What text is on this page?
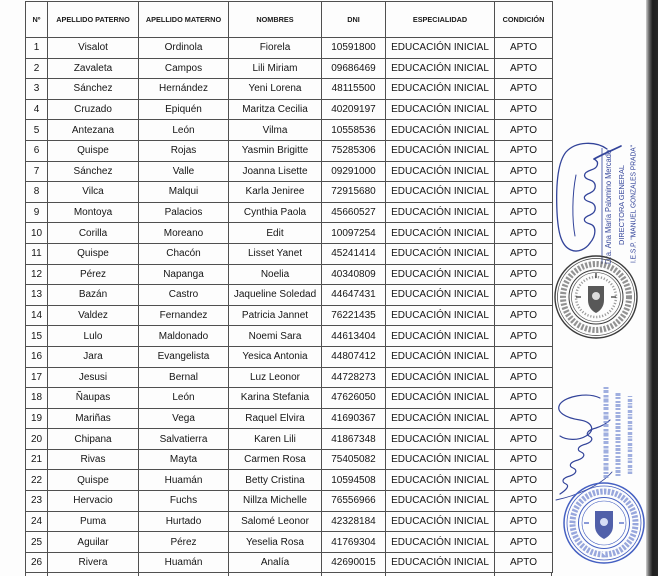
Nº	APELLIDO PATERNO	APELLIDO MATERNO	NOMBRES	DNI	ESPECIALIDAD	CONDICIÓN
1	Visalot	Ordinola	Fiorela	10591800	EDUCACIÓN INICIAL	APTO
2	Zavaleta	Campos	Lili Miriam	09686469	EDUCACIÓN INICIAL	APTO
3	Sánchez	Hernández	Yeni Lorena	48115500	EDUCACIÓN INICIAL	APTO
4	Cruzado	Epiquén	Maritza Cecilia	40209197	EDUCACIÓN INICIAL	APTO
5	Antezana	León	Vilma	10558536	EDUCACIÓN INICIAL	APTO
6	Quispe	Rojas	Yasmin Brigitte	75285306	EDUCACIÓN INICIAL	APTO
7	Sánchez	Valle	Joanna Lisette	09291000	EDUCACIÓN INICIAL	APTO
8	Vilca	Malqui	Karla Jeniree	72915680	EDUCACIÓN INICIAL	APTO
9	Montoya	Palacios	Cynthia Paola	45660527	EDUCACIÓN INICIAL	APTO
10	Corilla	Moreano	Edit	10097254	EDUCACIÓN INICIAL	APTO
11	Quispe	Chacón	Lisset Yanet	45241414	EDUCACIÓN INICIAL	APTO
12	Pérez	Napanga	Noelia	40340809	EDUCACIÓN INICIAL	APTO
13	Bazán	Castro	Jaqueline Soledad	44647431	EDUCACIÓN INICIAL	APTO
14	Valdez	Fernandez	Patricia Jannet	76221435	EDUCACIÓN INICIAL	APTO
15	Lulo	Maldonado	Noemi Sara	44613404	EDUCACIÓN INICIAL	APTO
16	Jara	Evangelista	Yesica Antonia	44807412	EDUCACIÓN INICIAL	APTO
17	Jesusi	Bernal	Luz Leonor	44728273	EDUCACIÓN INICIAL	APTO
18	Ñaupas	León	Karina Stefania	47626050	EDUCACIÓN INICIAL	APTO
19	Mariñas	Vega	Raquel Elvira	41690367	EDUCACIÓN INICIAL	APTO
20	Chipana	Salvatierra	Karen Lili	41867348	EDUCACIÓN INICIAL	APTO
21	Rivas	Mayta	Carmen Rosa	75405082	EDUCACIÓN INICIAL	APTO
22	Quispe	Huamán	Betty Cristina	10594508	EDUCACIÓN INICIAL	APTO
23	Hervacio	Fuchs	Nillza Michelle	76556966	EDUCACIÓN INICIAL	APTO
24	Puma	Hurtado	Salomé Leonor	42328184	EDUCACIÓN INICIAL	APTO
25	Aguilar	Pérez	Yeselia Rosa	41769304	EDUCACIÓN INICIAL	APTO
26	Rivera	Huamán	Analía	42690015	EDUCACIÓN INICIAL	APTO
Dra. Ana María Palomino Mercado DIRECTORA GENERAL I.E.S.P. "MANUEL GONZALES PRADA"
